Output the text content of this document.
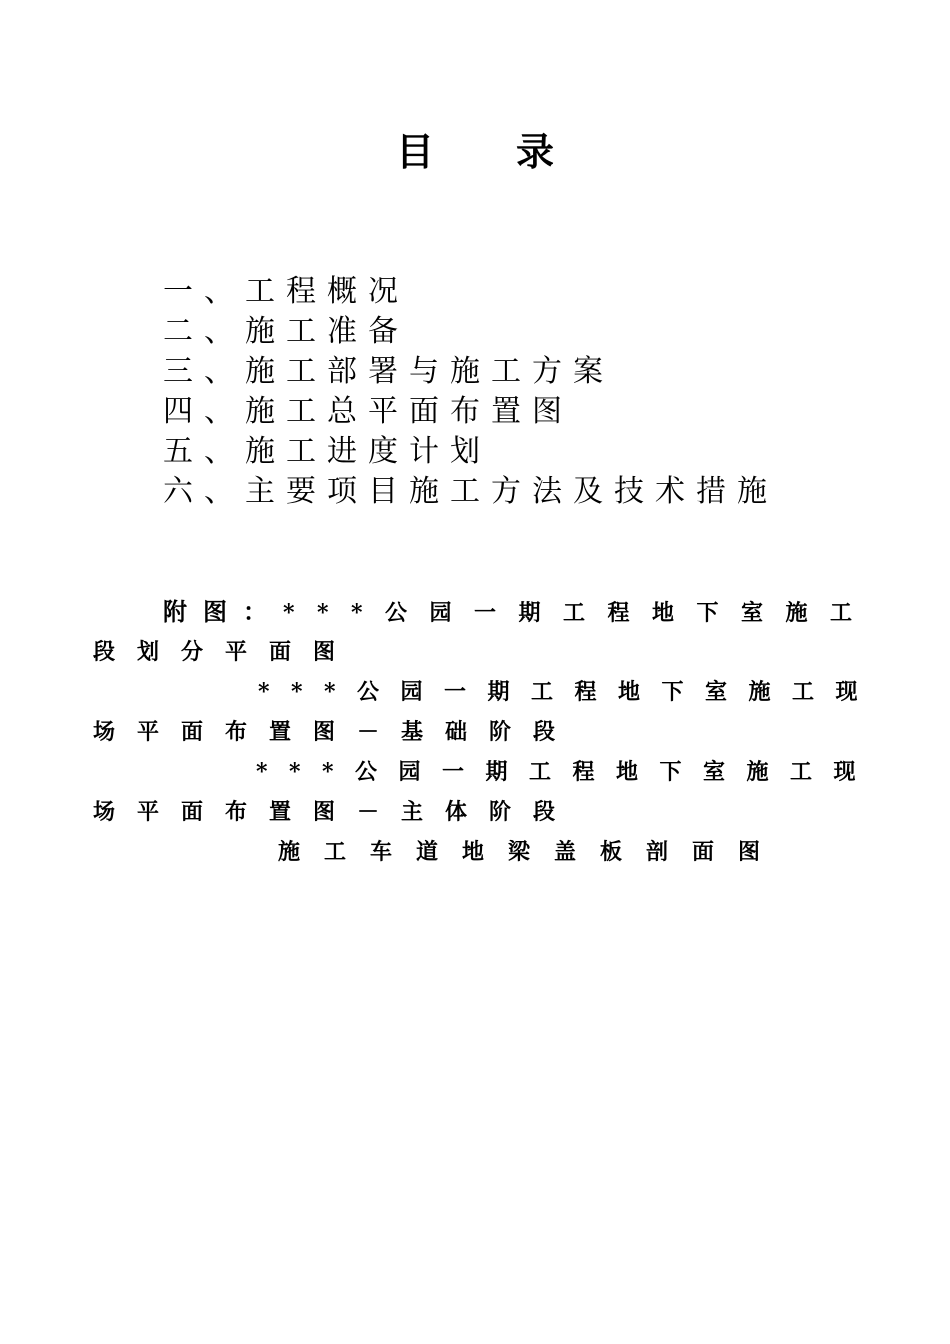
目 录
一、工程概况
二、施工准备
三、施工部署与施工方案
四、施工总平面布置图
五、施工进度计划
六、主要项目施工方法及技术措施
附图：***公园一期工程地下室施工
段划分平面图
***公园一期工程地下室施工现
场平面布置图－基础阶段
***公园一期工程地下室施工现
场平面布置图－主体阶段
施工车道地梁盖板剖面图
